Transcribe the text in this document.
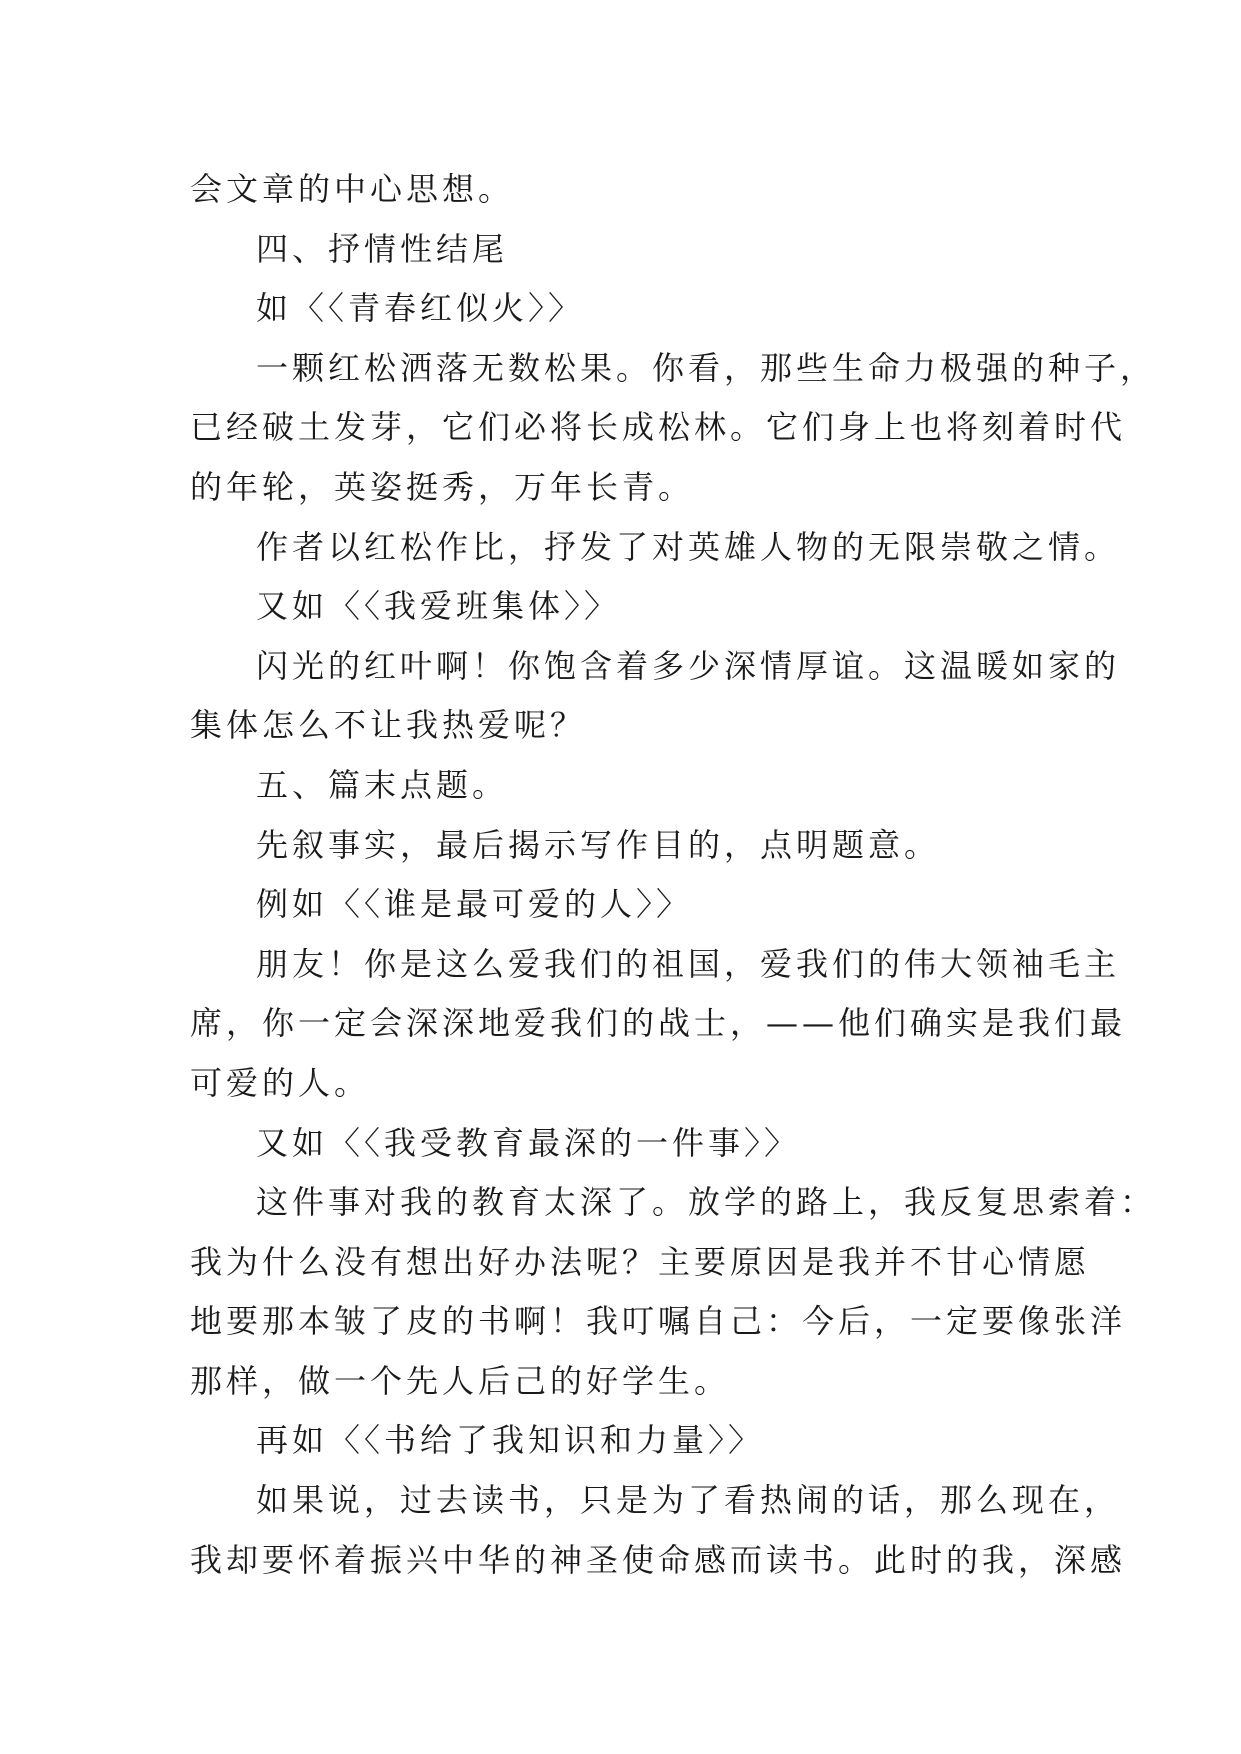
会文章的中心思想。
四、抒情性结尾
如〈〈青春红似火〉〉
一颗红松洒落无数松果。你看，那些生命力极强的种子，
已经破土发芽，它们必将长成松林。它们身上也将刻着时代
的年轮，英姿挺秀，万年长青。
作者以红松作比，抒发了对英雄人物的无限崇敬之情。
又如〈〈我爱班集体〉〉
闪光的红叶啊！你饱含着多少深情厚谊。这温暖如家的
集体怎么不让我热爱呢？
五、篇末点题。
先叙事实，最后揭示写作目的，点明题意。
例如〈〈谁是最可爱的人〉〉
朋友！你是这么爱我们的祖国，爱我们的伟大领袖毛主
席，你一定会深深地爱我们的战士，——他们确实是我们最
可爱的人。
又如〈〈我受教育最深的一件事〉〉
这件事对我的教育太深了。放学的路上，我反复思索着：
我为什么没有想出好办法呢？主要原因是我并不甘心情愿
地要那本皱了皮的书啊！我叮嘱自己：今后，一定要像张洋
那样，做一个先人后己的好学生。
再如〈〈书给了我知识和力量〉〉
如果说，过去读书，只是为了看热闹的话，那么现在，
我却要怀着振兴中华的神圣使命感而读书。此时的我，深感
